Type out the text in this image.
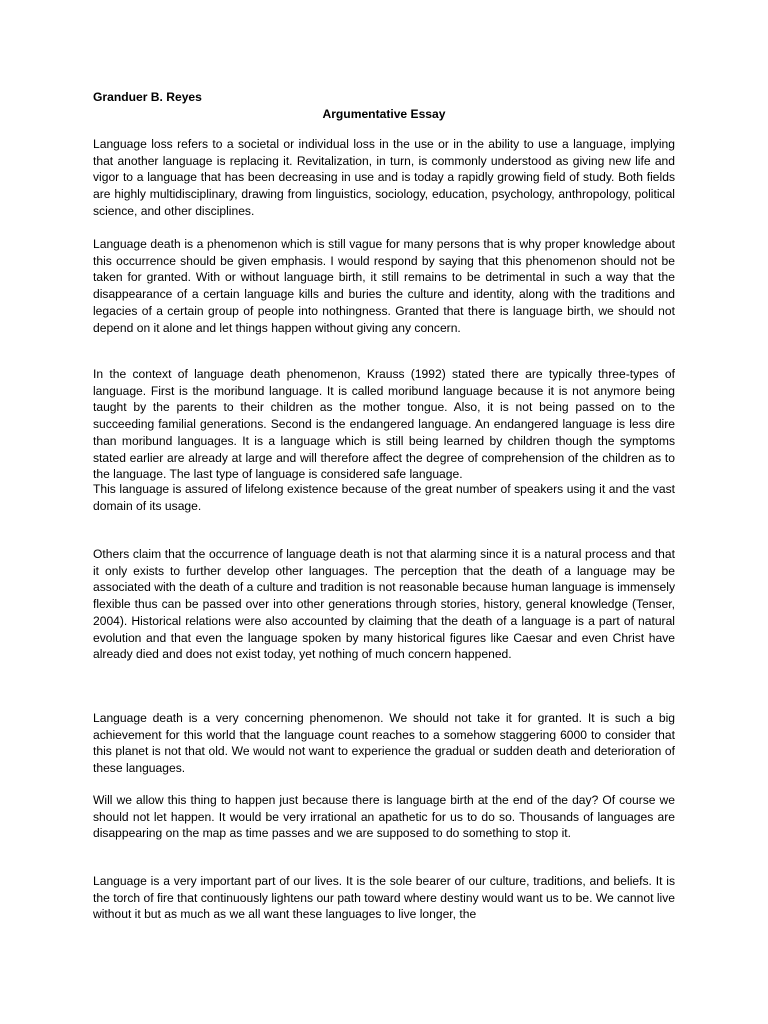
Granduer B. Reyes

Argumentative Essay

Language loss refers to a societal or individual loss in the use or in the ability to use a language, implying that another language is replacing it. Revitalization, in turn, is commonly understood as giving new life and vigor to a language that has been decreasing in use and is today a rapidly growing field of study. Both fields are highly multidisciplinary, drawing from linguistics, sociology, education, psychology, anthropology, political science, and other disciplines.

Language death is a phenomenon which is still vague for many persons that is why proper knowledge about this occurrence should be given emphasis. I would respond by saying that this phenomenon should not be taken for granted. With or without language birth, it still remains to be detrimental in such a way that the disappearance of a certain language kills and buries the culture and identity, along with the traditions and legacies of a certain group of people into nothingness. Granted that there is language birth, we should not depend on it alone and let things happen without giving any concern.

In the context of language death phenomenon, Krauss (1992) stated there are typically three-types of language. First is the moribund language. It is called moribund language because it is not anymore being taught by the parents to their children as the mother tongue. Also, it is not being passed on to the succeeding familial generations. Second is the endangered language. An endangered language is less dire than moribund languages. It is a language which is still being learned by children though the symptoms stated earlier are already at large and will therefore affect the degree of comprehension of the children as to the language. The last type of language is considered safe language.

This language is assured of lifelong existence because of the great number of speakers using it and the vast domain of its usage.

Others claim that the occurrence of language death is not that alarming since it is a natural process and that it only exists to further develop other languages. The perception that the death of a language may be associated with the death of a culture and tradition is not reasonable because human language is immensely flexible thus can be passed over into other generations through stories, history, general knowledge (Tenser, 2004). Historical relations were also accounted by claiming that the death of a language is a part of natural evolution and that even the language spoken by many historical figures like Caesar and even Christ have already died and does not exist today, yet nothing of much concern happened.

Language death is a very concerning phenomenon. We should not take it for granted. It is such a big achievement for this world that the language count reaches to a somehow staggering 6000 to consider that this planet is not that old. We would not want to experience the gradual or sudden death and deterioration of these languages.

Will we allow this thing to happen just because there is language birth at the end of the day? Of course we should not let happen. It would be very irrational an apathetic for us to do so. Thousands of languages are disappearing on the map as time passes and we are supposed to do something to stop it.

Language is a very important part of our lives. It is the sole bearer of our culture, traditions, and beliefs. It is the torch of fire that continuously lightens our path toward where destiny would want us to be. We cannot live without it but as much as we all want these languages to live longer, the
